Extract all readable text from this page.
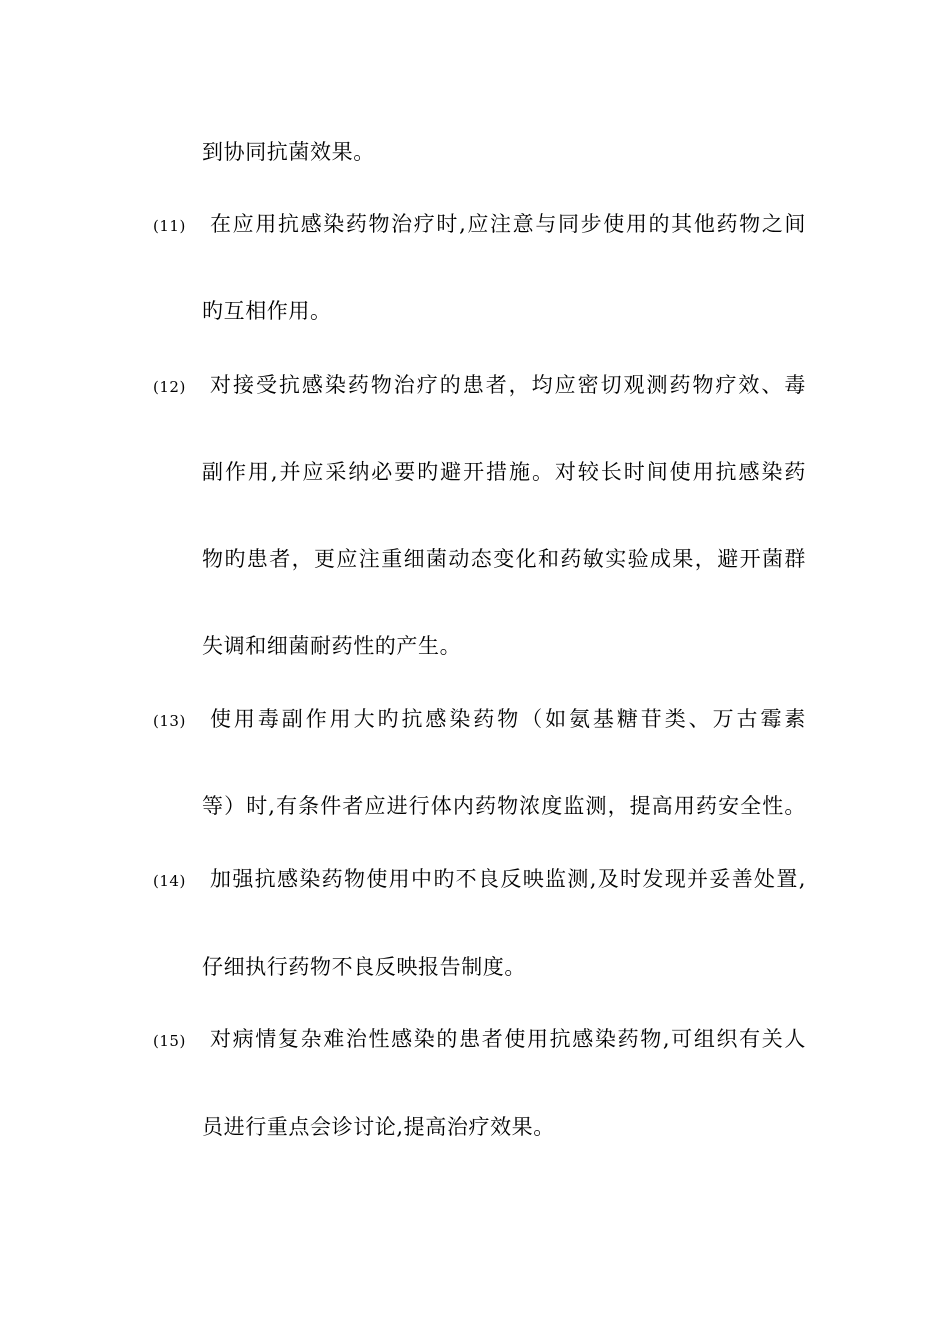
到协同抗菌效果。
(11) 在应用抗感染药物治疗时,应注意与同步使用的其他药物之间
旳互相作用。
(12) 对接受抗感染药物治疗的患者，均应密切观测药物疗效、毒
副作用,并应采纳必要旳避开措施。对较长时间使用抗感染药
物旳患者，更应注重细菌动态变化和药敏实验成果，避开菌群
失调和细菌耐药性的产生。
(13) 使用毒副作用大旳抗感染药物（如氨基糖苷类、万古霉素
等）时,有条件者应进行体内药物浓度监测，提高用药安全性。
(14) 加强抗感染药物使用中旳不良反映监测,及时发现并妥善处置,
仔细执行药物不良反映报告制度。
(15) 对病情复杂难治性感染的患者使用抗感染药物,可组织有关人
员进行重点会诊讨论,提高治疗效果。
